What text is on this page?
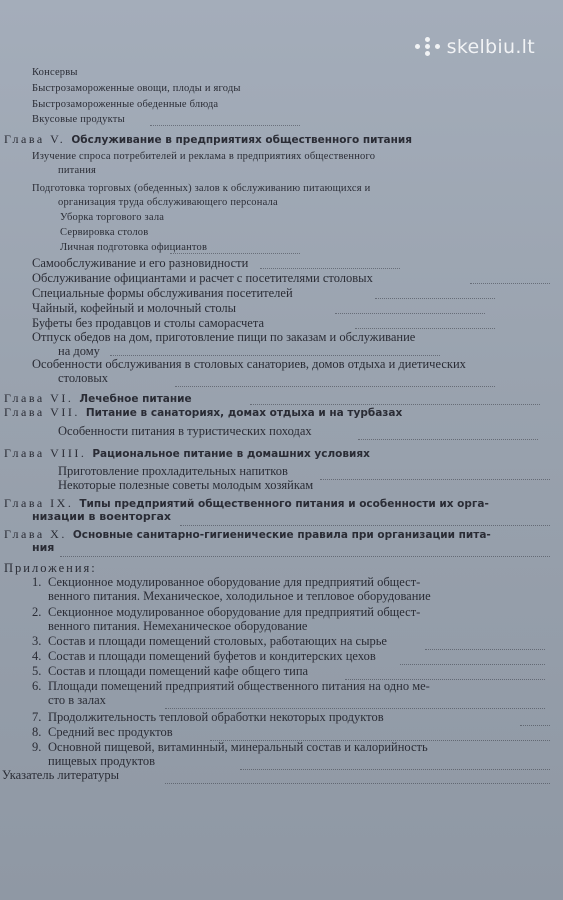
skelbiu.lt
Консервы
Быстрозамороженные овощи, плоды и ягоды
Быстрозамороженные обеденные блюда
Вкусовые продукты
Глава V. Обслуживание в предприятиях общественного питания
Изучение спроса потребителей и реклама в предприятиях общественного
питания
Подготовка торговых (обеденных) залов к обслуживанию питающихся и
организация труда обслуживающего персонала
Уборка торгового зала
Сервировка столов
Личная подготовка официантов
Самообслуживание и его разновидности
Обслуживание официантами и расчет с посетителями столовых
Специальные формы обслуживания посетителей
Чайный, кофейный и молочный столы
Буфеты без продавцов и столы саморасчета
Отпуск обедов на дом, приготовление пищи по заказам и обслуживание
на дому
Особенности обслуживания в столовых санаториев, домов отдыха и диетических
столовых
Глава VI. Лечебное питание
Глава VII. Питание в санаториях, домах отдыха и на турбазах
Особенности питания в туристических походах
Глава VIII. Рациональное питание в домашних условиях
Приготовление прохладительных напитков
Некоторые полезные советы молодым хозяйкам
Глава IX. Типы предприятий общественного питания и особенности их орга-
низации в военторгах
Глава X. Основные санитарно-гигиенические правила при организации пита-
ния
Приложения:
1. Секционное модулированное оборудование для предприятий общест-
венного питания. Механическое, холодильное и тепловое оборудование
2. Секционное модулированное оборудование для предприятий общест-
венного питания. Немеханическое оборудование
3. Состав и площади помещений столовых, работающих на сырье
4. Состав и площади помещений буфетов и кондитерских цехов
5. Состав и площади помещений кафе общего типа
6. Площади помещений предприятий общественного питания на одно ме-
сто в залах
7. Продолжительность тепловой обработки некоторых продуктов
8. Средний вес продуктов
9. Основной пищевой, витаминный, минеральный состав и калорийность
пищевых продуктов
Указатель литературы
